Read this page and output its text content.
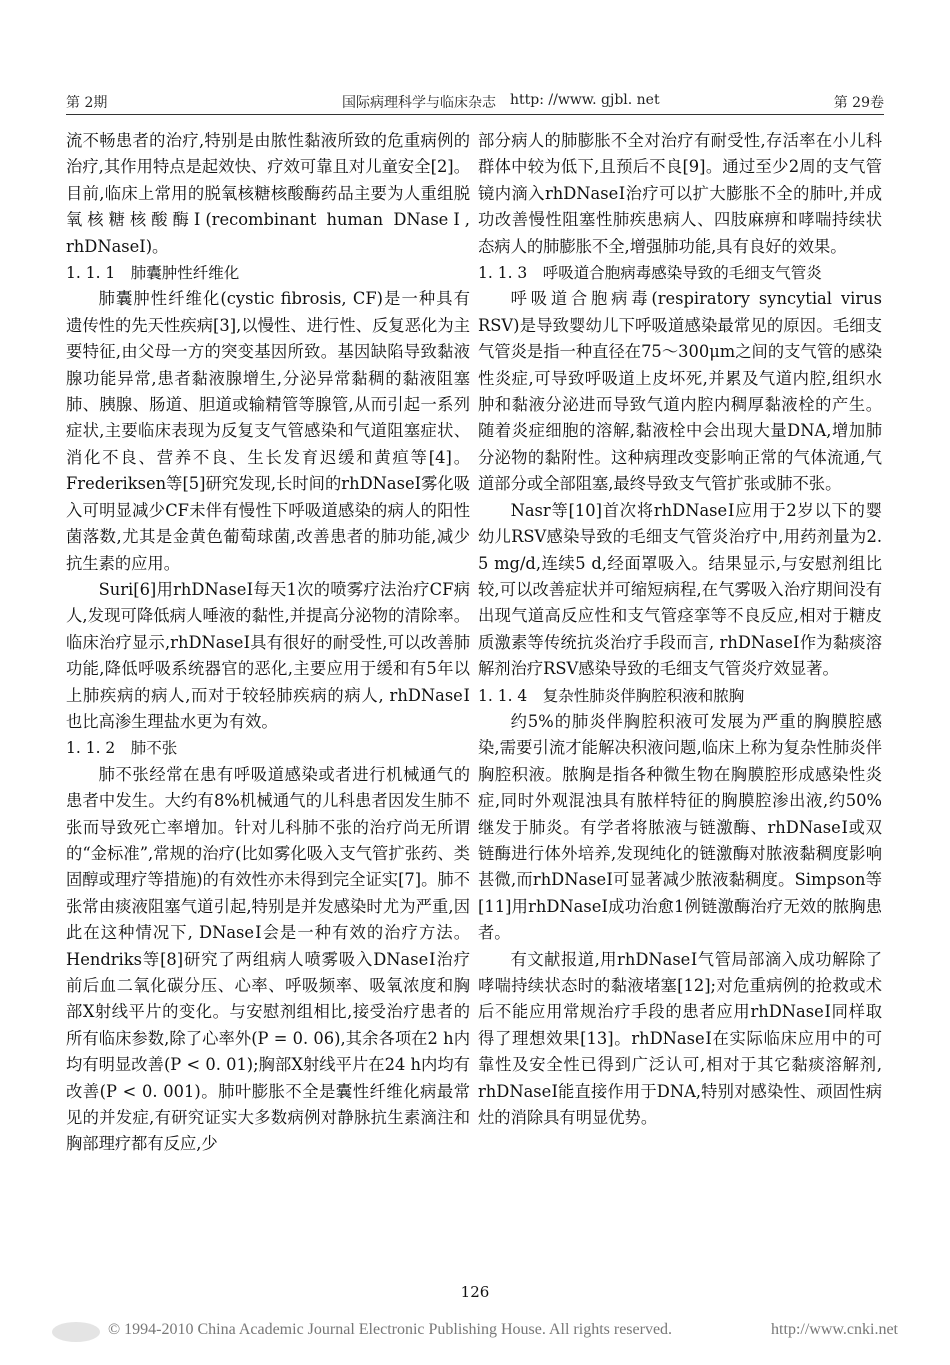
第 2期	国际病理科学与临床杂志 http: //www. gjbl. net	第 29卷

流不畅患者的治疗,特别是由脓性黏液所致的危重病例的治疗,其作用特点是起效快、疗效可靠且对儿童安全[2]。目前,临床上常用的脱氧核糖核酸酶药品主要为人重组脱氧核糖核酸酶Ⅰ(recombinant human DNaseⅠ, rhDNaseⅠ)。

1. 1. 1　肺囊肿性纤维化

肺囊肿性纤维化(cystic fibrosis, CF)是一种具有遗传性的先天性疾病[3],以慢性、进行性、反复恶化为主要特征,由父母一方的突变基因所致。基因缺陷导致黏液腺功能异常,患者黏液腺增生,分泌异常黏稠的黏液阻塞肺、胰腺、肠道、胆道或输精管等腺管,从而引起一系列症状,主要临床表现为反复支气管感染和气道阻塞症状、消化不良、营养不良、生长发育迟缓和黄疸等[4]。Frederiksen等[5]研究发现,长时间的rhDNaseⅠ雾化吸入可明显减少CF未伴有慢性下呼吸道感染的病人的阳性菌落数,尤其是金黄色葡萄球菌,改善患者的肺功能,减少抗生素的应用。

Suri[6]用rhDNaseⅠ每天1次的喷雾疗法治疗CF病人,发现可降低病人唾液的黏性,并提高分泌物的清除率。临床治疗显示,rhDNaseⅠ具有很好的耐受性,可以改善肺功能,降低呼吸系统器官的恶化,主要应用于缓和有5年以上肺疾病的病人,而对于较轻肺疾病的病人, rhDNaseⅠ也比高渗生理盐水更为有效。

1. 1. 2　肺不张

肺不张经常在患有呼吸道感染或者进行机械通气的患者中发生。大约有8%机械通气的儿科患者因发生肺不张而导致死亡率增加。针对儿科肺不张的治疗尚无所谓的“金标准”,常规的治疗(比如雾化吸入支气管扩张药、类固醇或理疗等措施)的有效性亦未得到完全证实[7]。肺不张常由痰液阻塞气道引起,特别是并发感染时尤为严重,因此在这种情况下, DNaseⅠ会是一种有效的治疗方法。Hendriks等[8]研究了两组病人喷雾吸入DNaseⅠ治疗前后血二氧化碳分压、心率、呼吸频率、吸氧浓度和胸部X射线平片的变化。与安慰剂组相比,接受治疗患者的所有临床参数,除了心率外(P = 0. 06),其余各项在2 h内均有明显改善(P < 0. 01);胸部X射线平片在24 h内均有改善(P < 0. 001)。肺叶膨胀不全是囊性纤维化病最常见的并发症,有研究证实大多数病例对静脉抗生素滴注和胸部理疗都有反应,少

部分病人的肺膨胀不全对治疗有耐受性,存活率在小儿科群体中较为低下,且预后不良[9]。通过至少2周的支气管镜内滴入rhDNaseⅠ治疗可以扩大膨胀不全的肺叶,并成功改善慢性阻塞性肺疾患病人、四肢麻痹和哮喘持续状态病人的肺膨胀不全,增强肺功能,具有良好的效果。

1. 1. 3　呼吸道合胞病毒感染导致的毛细支气管炎

呼吸道合胞病毒(respiratory syncytial virus RSV)是导致婴幼儿下呼吸道感染最常见的原因。毛细支气管炎是指一种直径在75～300μm之间的支气管的感染性炎症,可导致呼吸道上皮坏死,并累及气道内腔,组织水肿和黏液分泌进而导致气道内腔内稠厚黏液栓的产生。随着炎症细胞的溶解,黏液栓中会出现大量DNA,增加肺分泌物的黏附性。这种病理改变影响正常的气体流通,气道部分或全部阻塞,最终导致支气管扩张或肺不张。

Nasr等[10]首次将rhDNaseⅠ应用于2岁以下的婴幼儿RSV感染导致的毛细支气管炎治疗中,用药剂量为2. 5 mg/d,连续5 d,经面罩吸入。结果显示,与安慰剂组比较,可以改善症状并可缩短病程,在气雾吸入治疗期间没有出现气道高反应性和支气管痉挛等不良反应,相对于糖皮质激素等传统抗炎治疗手段而言, rhDNaseⅠ作为黏痰溶解剂治疗RSV感染导致的毛细支气管炎疗效显著。

1. 1. 4　复杂性肺炎伴胸腔积液和脓胸

约5%的肺炎伴胸腔积液可发展为严重的胸膜腔感染,需要引流才能解决积液问题,临床上称为复杂性肺炎伴胸腔积液。脓胸是指各种微生物在胸膜腔形成感染性炎症,同时外观混浊具有脓样特征的胸膜腔渗出液,约50%继发于肺炎。有学者将脓液与链激酶、rhDNaseⅠ或双链酶进行体外培养,发现纯化的链激酶对脓液黏稠度影响甚微,而rhDNaseⅠ可显著减少脓液黏稠度。Simpson等[11]用rhDNaseⅠ成功治愈1例链激酶治疗无效的脓胸患者。

有文献报道,用rhDNaseⅠ气管局部滴入成功解除了哮喘持续状态时的黏液堵塞[12];对危重病例的抢救或术后不能应用常规治疗手段的患者应用rhDNaseⅠ同样取得了理想效果[13]。rhDNaseⅠ在实际临床应用中的可靠性及安全性已得到广泛认可,相对于其它黏痰溶解剂, rhDNaseⅠ能直接作用于DNA,特别对感染性、顽固性病灶的消除具有明显优势。

126
© 1994-2010 China Academic Journal Electronic Publishing House. All rights reserved.	http://www.cnki.net
